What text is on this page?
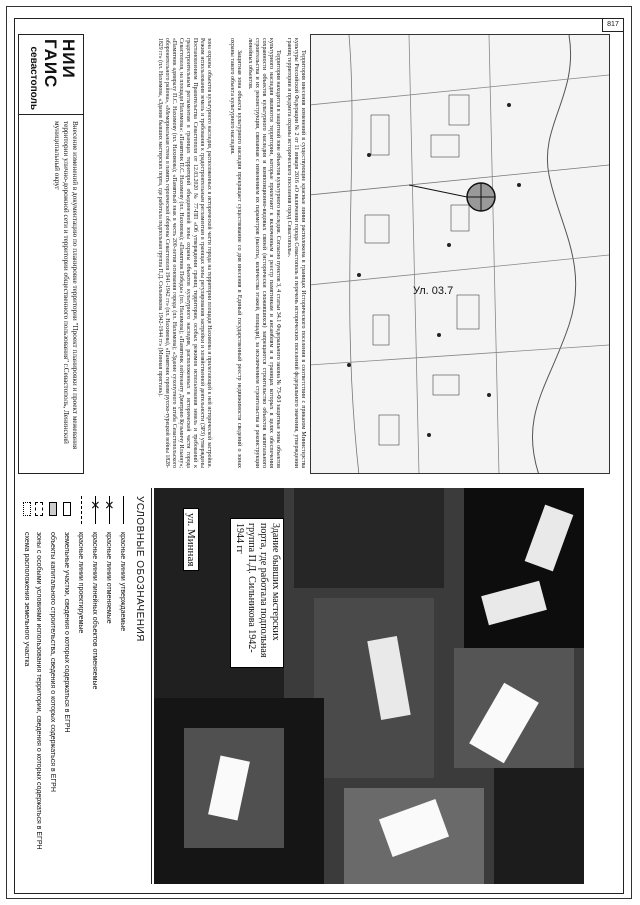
817
Ул. 03.7

Территория внесения изменений в существующие красные линии расположена в границах Исторического поселения в соответствии с приказом Министерства культуры Российской Федерации № 2 от 11 января 2016 «О включении города Севастополь в перечень исторических поселений федерального значения, утверждении границ территории и предмета охраны исторического поселения город Севастополь».

Территория находится в защитной зоне объектов культурного наследия. Согласно пунктов 3, 4 статьи 34.1 Федерального закона № 73-ФЗ защитные зоны объектов культурного наследия являются территории, которые прилегают к включенным в реестр памятникам и ансамблям и в границах которых в целях обеспечения сохранности объектов культурного наследия и композиционно-видовых связей (исторически сложившихся) запрещаются строительство объектов капитального строительства и их реконструкция, связанная с изменением их параметров (высоты, количества этажей, площади), за исключением строительства и реконструкции линейных объектов.

Защитная зона объекта культурного наследия прекращает существование со дня внесения в Единый государственный реестр недвижимости сведений о зонах охраны такого объекта культурного наследия.

зона охраны объектов культурного наследия, расположенных в исторической части города на территории площади Нахимова и прилегающей к ней исторической застройки. Режим использования земель и требования к градостроительным регламентам в границах зоны регулирования застройки и хозяйственной деятельности (ЗРЗ) утверждены Постановлением Правительства Севастополя от 12.03.2020 № 77-ПП «Об утверждении границ территории, особых режимов использования земель и требований к градостроительным регламентам в границах территорий объединенной зоны охраны объектов культурного наследия, расположенных в исторической части города Севастополя, на площади Нахимова»: «Памятник П.С. Нахимову (пл. Нахимова); «Памятник Победы» (пл. Нахимова); «Памятник лейтенанту Дмитрию Кузьмичу Ильину»; «Памятник адмиралу П.С. Нахимову (пл. Нахимова); «Памятный знак в честь 200-летия основания города (пл. Нахимова); «Здание сухопутного штаба Севастопольского оборонительного района», «Мемориальная стена в память героической обороны Севастополя 1941-1942 гг» (пл. Нахимова), «Памятник героям русско-турецкой войны 1828-1829 гг» (пл. Нахимова, «Здание бывших мастерских порта, где работала подпольная группа П.Д. Сильникова 1942-1944 гг» (Минная пристань).
НИИ ГАИС
севастополь
Внесение изменений в документацию по планировке территории "Проект планировки и проект межевания территории улично-дорожной сети и территории общественного пользования" г.Севастополь, Ленинский муниципальный округ
Здание бывших мастерских порта, где работала подпольная группа П.Д. Сильникова 1942-1944 гг
ул. Минная
УСЛОВНЫЕ ОБОЗНАЧЕНИЯ
красные линии утверждаемые
✕
красные линии отменяемые
✕
красные линии линейных объектов отменяемые
красные линии проектируемые
земельные участки, сведения о которых содержаться в ЕГРН
объекты капитального строительства, сведения о которых содержаться в ЕГРН
зоны с особыми условиями использования территории, сведения о которых содержаться в ЕГРН
схема расположения земельного участка
